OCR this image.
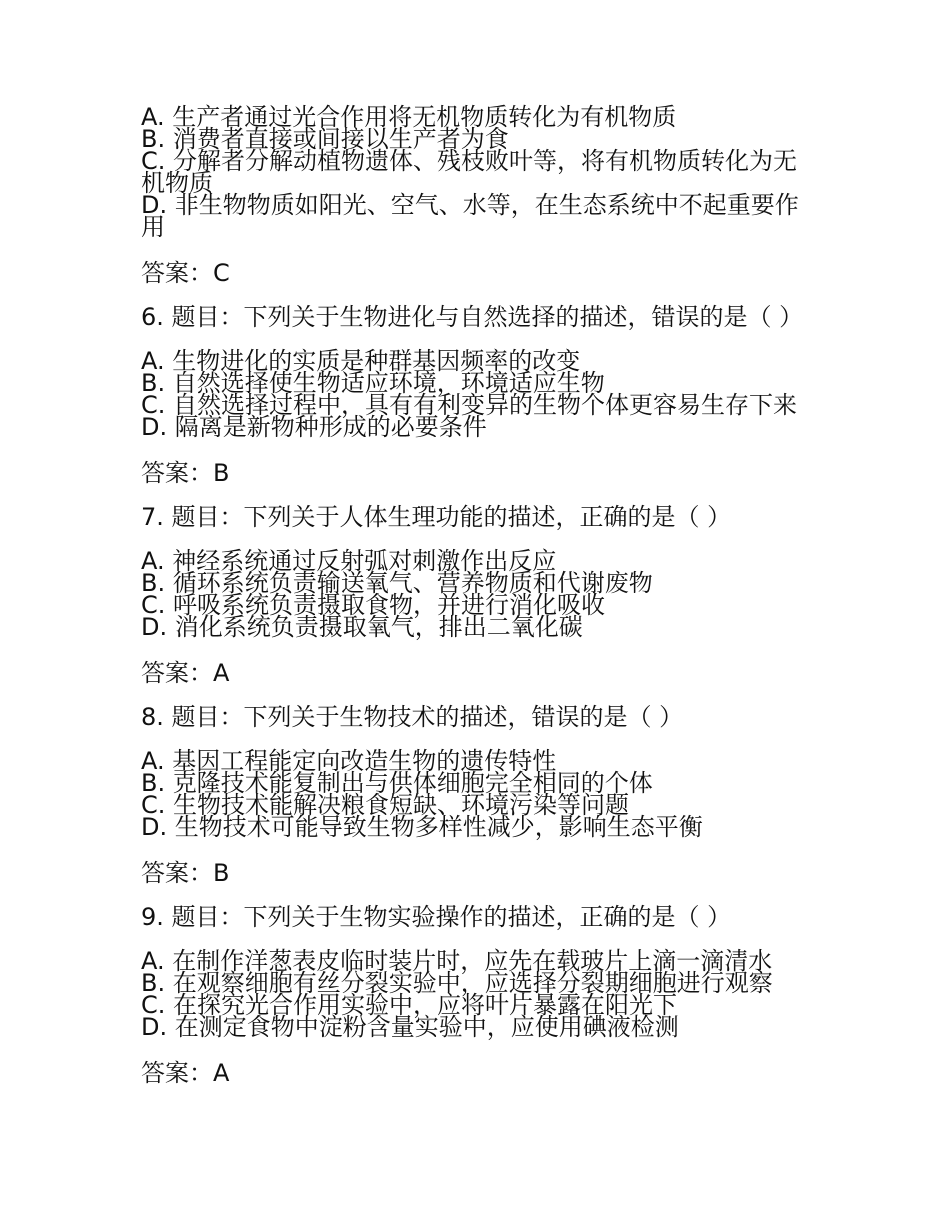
A. 生产者通过光合作用将无机物质转化为有机物质
B. 消费者直接或间接以生产者为食
C. 分解者分解动植物遗体、残枝败叶等，将有机物质转化为无机物质
D. 非生物物质如阳光、空气、水等，在生态系统中不起重要作用
答案：C
6. 题目：下列关于生物进化与自然选择的描述，错误的是（ ）
A. 生物进化的实质是种群基因频率的改变
B. 自然选择使生物适应环境，环境适应生物
C. 自然选择过程中，具有有利变异的生物个体更容易生存下来
D. 隔离是新物种形成的必要条件
答案：B
7. 题目：下列关于人体生理功能的描述，正确的是（ ）
A. 神经系统通过反射弧对刺激作出反应
B. 循环系统负责输送氧气、营养物质和代谢废物
C. 呼吸系统负责摄取食物，并进行消化吸收
D. 消化系统负责摄取氧气，排出二氧化碳
答案：A
8. 题目：下列关于生物技术的描述，错误的是（ ）
A. 基因工程能定向改造生物的遗传特性
B. 克隆技术能复制出与供体细胞完全相同的个体
C. 生物技术能解决粮食短缺、环境污染等问题
D. 生物技术可能导致生物多样性减少，影响生态平衡
答案：B
9. 题目：下列关于生物实验操作的描述，正确的是（ ）
A. 在制作洋葱表皮临时装片时，应先在载玻片上滴一滴清水
B. 在观察细胞有丝分裂实验中，应选择分裂期细胞进行观察
C. 在探究光合作用实验中，应将叶片暴露在阳光下
D. 在测定食物中淀粉含量实验中，应使用碘液检测
答案：A
